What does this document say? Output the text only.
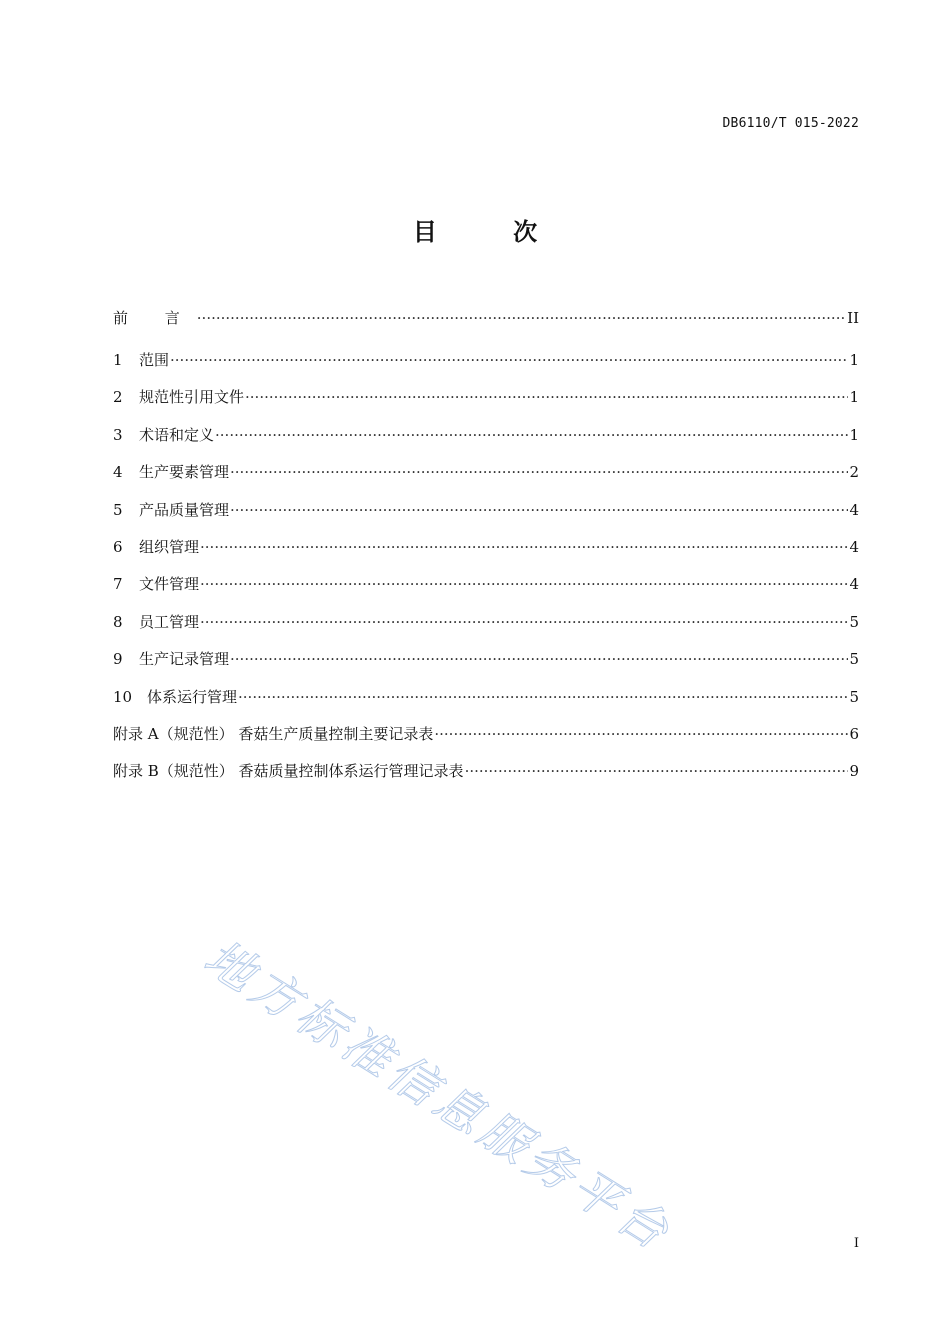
DB6110/T 015-2022
目 次
前 言 ·····	II
1 范围 ·····	1
2 规范性引用文件 ·····	1
3 术语和定义 ·····	1
4 生产要素管理 ·····	2
5 产品质量管理 ·····	4
6 组织管理 ·····	4
7 文件管理 ·····	4
8 员工管理 ·····	5
9 生产记录管理 ·····	5
10 体系运行管理 ·····	5
附录 A（规范性） 香菇生产质量控制主要记录表 ·····	6
附录 B（规范性） 香菇质量控制体系运行管理记录表 ·····	9
地方标准信息服务平台	I
